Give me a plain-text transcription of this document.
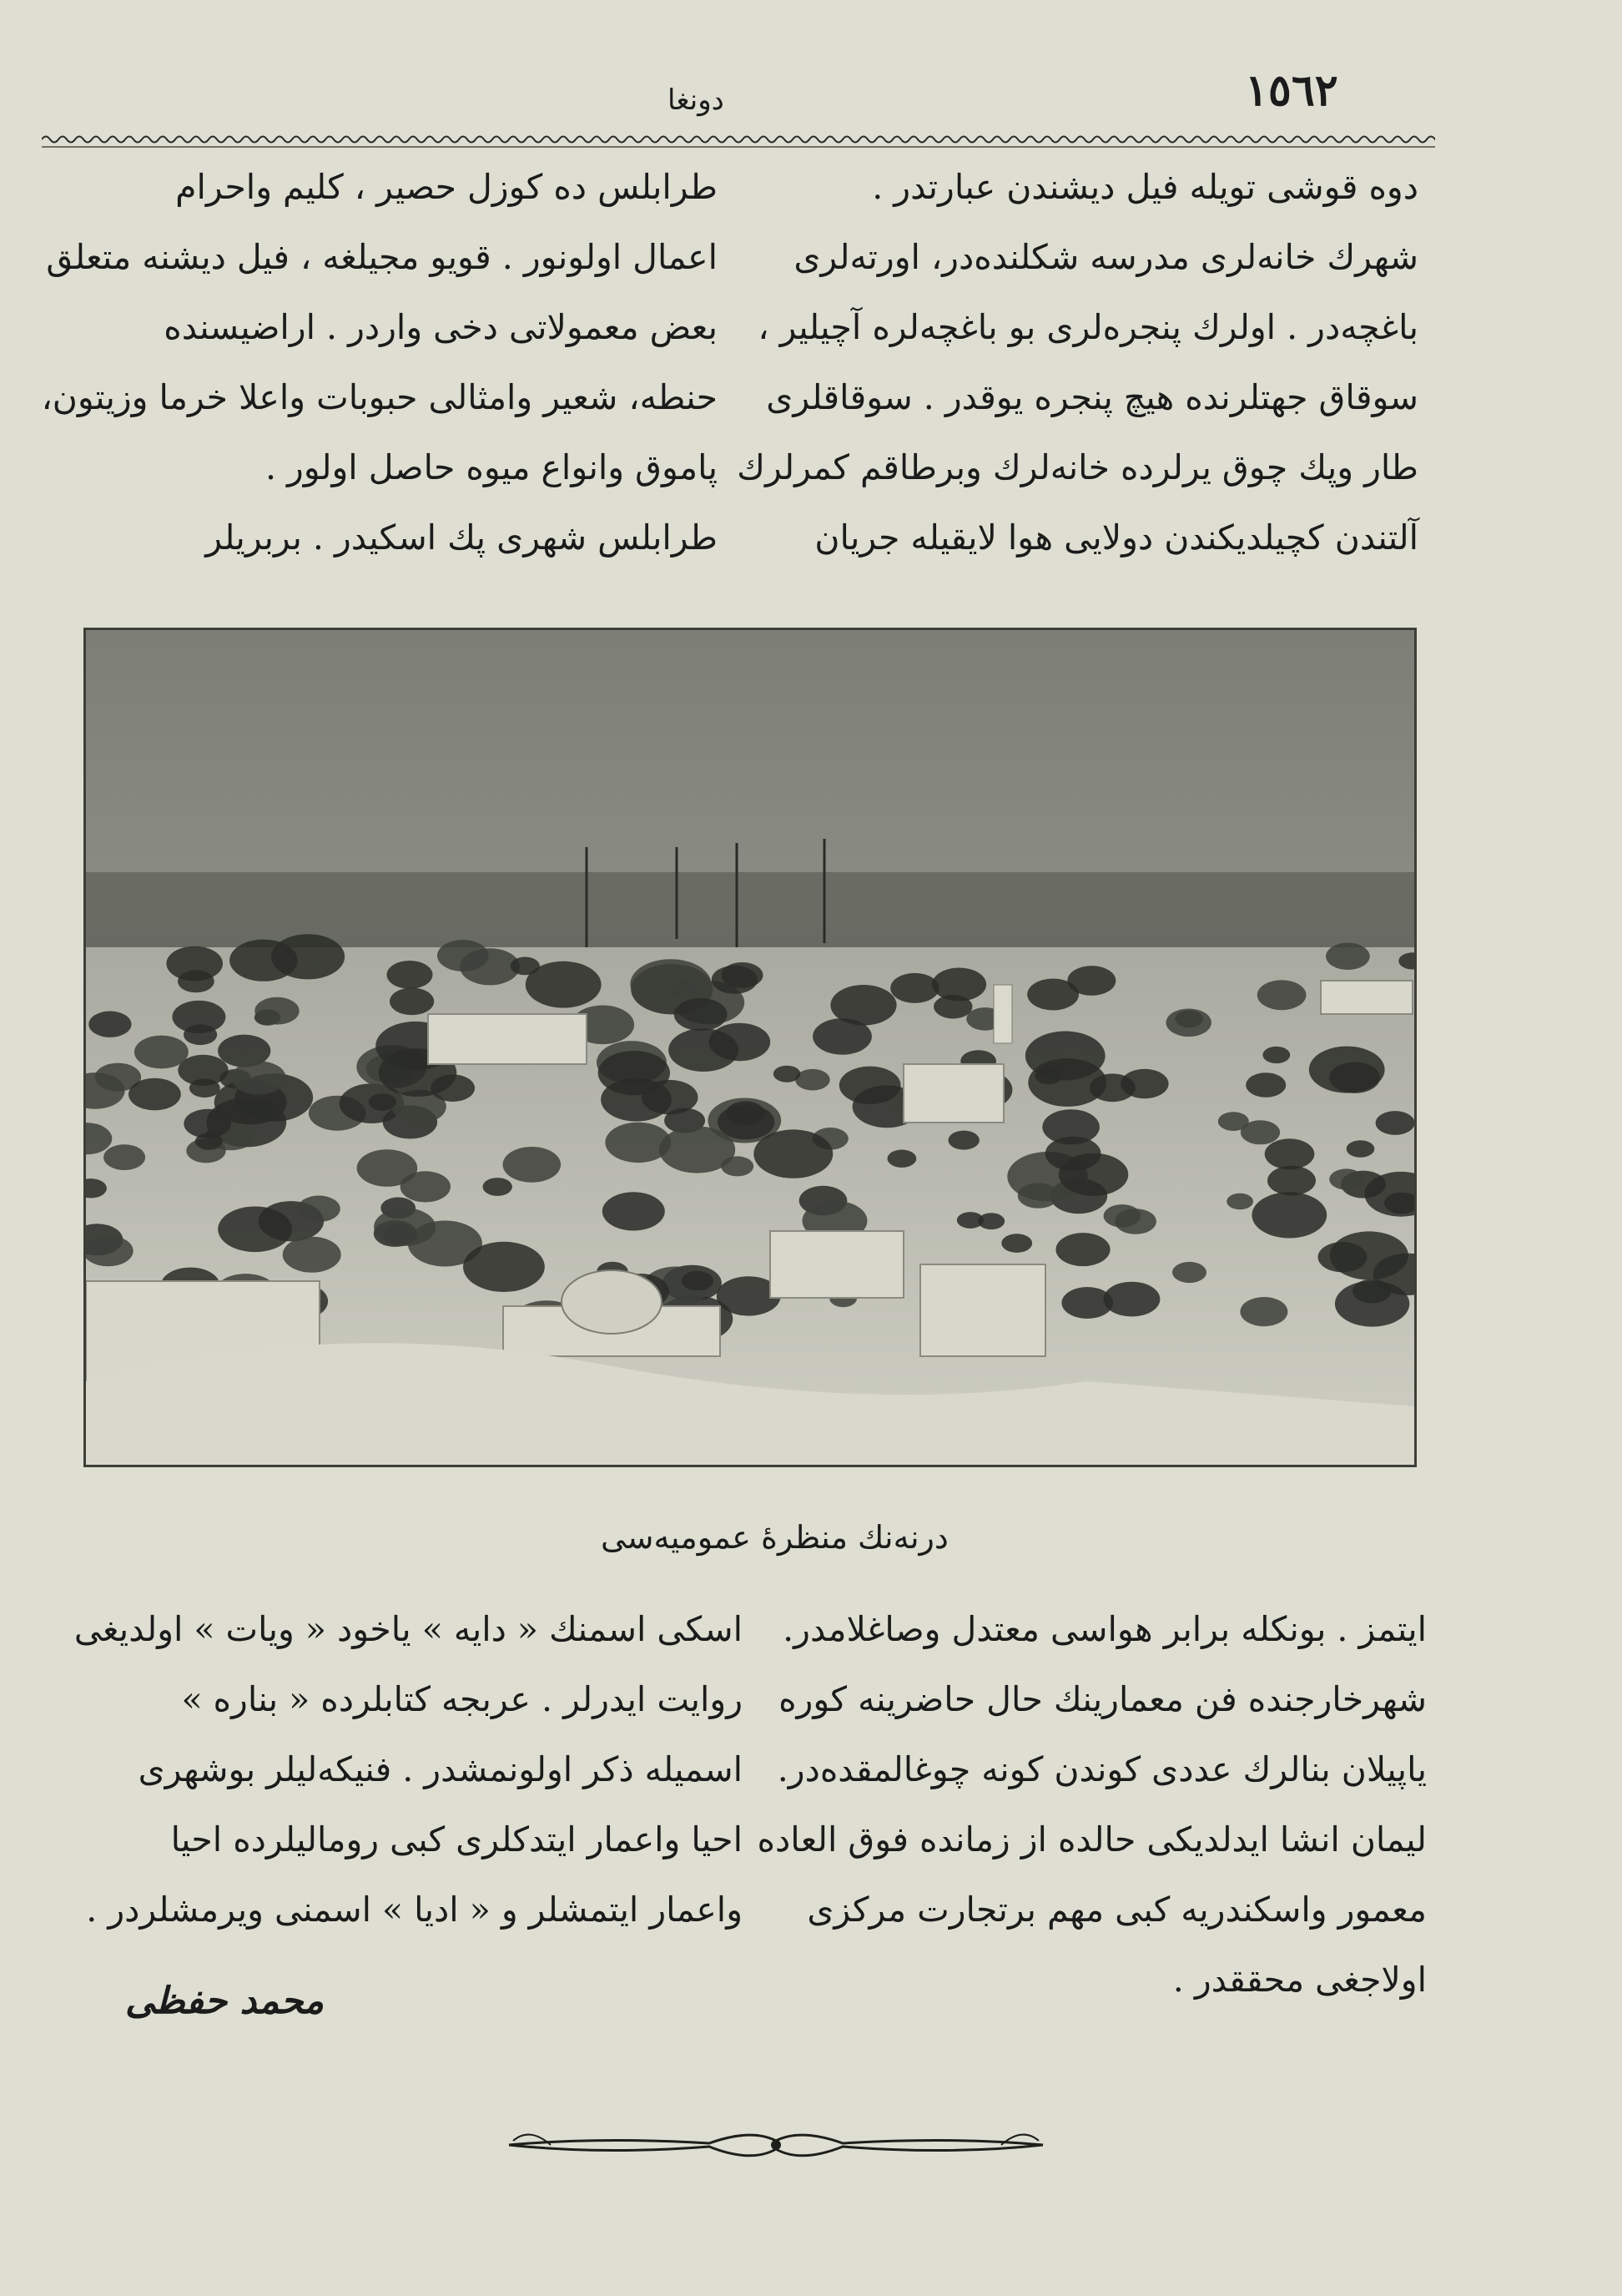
١٥٦٢
دونغا
دوه قوشى تويله فيل ديشندن عبارتدر .
شهرك خانه‌لرى مدرسه شكلنده‌در، اورته‌لرى
باغچه‌در . اولرك پنجره‌لرى بو باغچه‌لره آچيلير ،
سوقاق جهتلرنده هيچ پنجره يوقدر . سوقاقلرى
طار وپك چوق يرلرده خانه‌لرك وبرطاقم كمرلرك
آلتندن كچيلديكندن دولايى هوا لايقيله جريان
طرابلس ده كوزل حصير ، كليم واحرام
اعمال اولونور . قويو مجيلغه ، فيل ديشنه متعلق
بعض معمولاتى دخى واردر . اراضيسنده
حنطه، شعير وامثالى حبوبات واعلا خرما وزيتون،
پاموق وانواع ميوه حاصل اولور .
طرابلس شهرى پك اسكيدر . بربريلر
درنه‌نك منظرۀ عموميه‌سى
ايتمز . بونكله برابر هواسى معتدل وصاغلامدر.
شهرخارجنده فن معمارينك حال حاضرينه كوره
ياپيلان بنالرك عددى كوندن كونه چوغالمقده‌در.
ليمان انشا ايدلديكى حالده از زمانده فوق العاده
معمور واسكندريه كبى مهم برتجارت مركزى
اولاجغى محققدر .
اسكى اسمنك « دايه » ياخود « ويات » اولديغى
روايت ايدرلر . عربجه كتابلرده « بناره »
اسميله ذكر اولونمشدر . فنيكه‌ليلر بوشهرى
احيا واعمار ايتدكلرى كبى روماليلرده احيا
واعمار ايتمشلر و « اديا » اسمنى ويرمشلردر .
محمد حفظى
